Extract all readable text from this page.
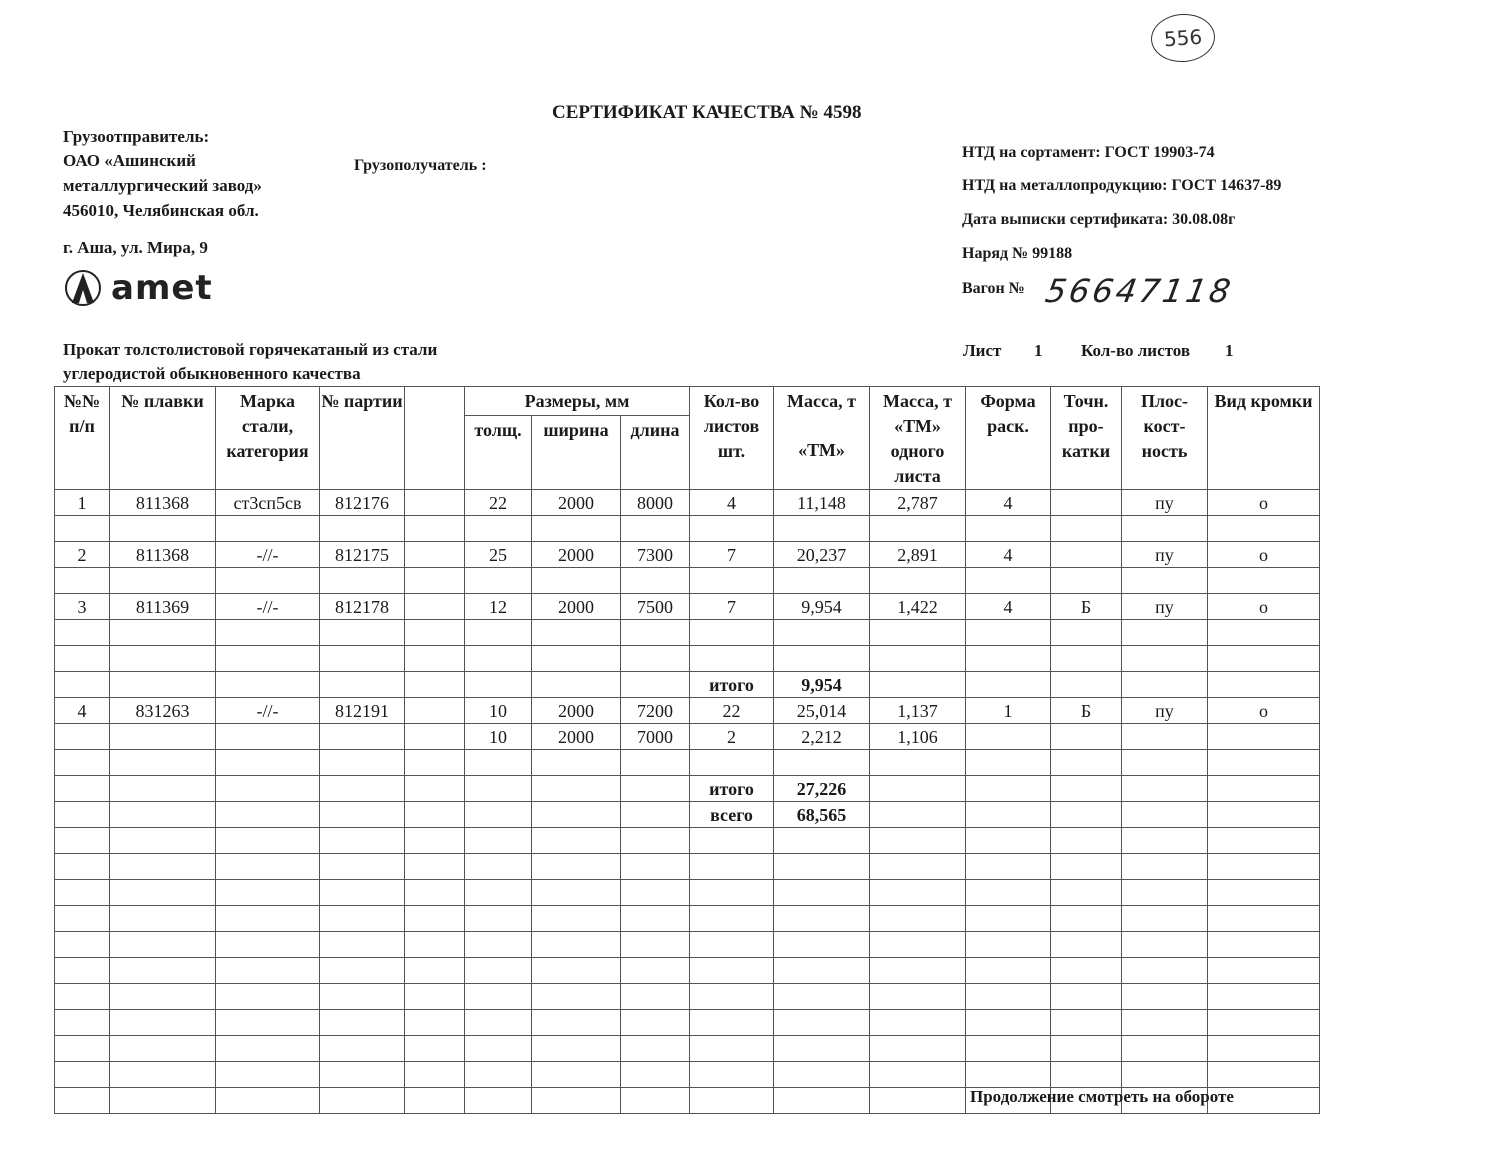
556
СЕРТИФИКАТ КАЧЕСТВА № 4598
Грузоотправитель:
ОАО «Ашинский
металлургический завод»
456010, Челябинская обл.
г. Аша, ул. Мира, 9
Грузополучатель :
amet
НТД на сортамент: ГОСТ 19903-74
НТД на металлопродукцию: ГОСТ 14637-89
Дата выписки сертификата: 30.08.08г
Наряд № 99188
Вагон № 56647118
Прокат толстолистовой горячекатаный из стали
углеродистой обыкновенного качества
Лист 1 Кол-во листов 1
№№ п/п	№ плавки	Марка стали, категория	№ партии		Размеры, мм			Кол-во листов шт.	Масса, т
«ТМ»	Масса, т «ТМ» одного листа	Форма раск.	Точн. про- катки	Плос- кост- ность	Вид кромки
					толщ.	ширина	длина							
1	811368	ст3сп5св	812176		22	2000	8000	4	11,148	2,787	4		пу	о

2	811368	-//-	812175		25	2000	7300	7	20,237	2,891	4		пу	о

3	811369	-//-	812178		12	2000	7500	7	9,954	1,422	4	Б	пу	о

								итого	9,954					
4	831263	-//-	812191		10	2000	7200	22	25,014	1,137	1	Б	пу	о
					10	2000	7000	2	2,212	1,106				

								итого	27,226					
								всего	68,565					

Продолжение смотреть на обороте
